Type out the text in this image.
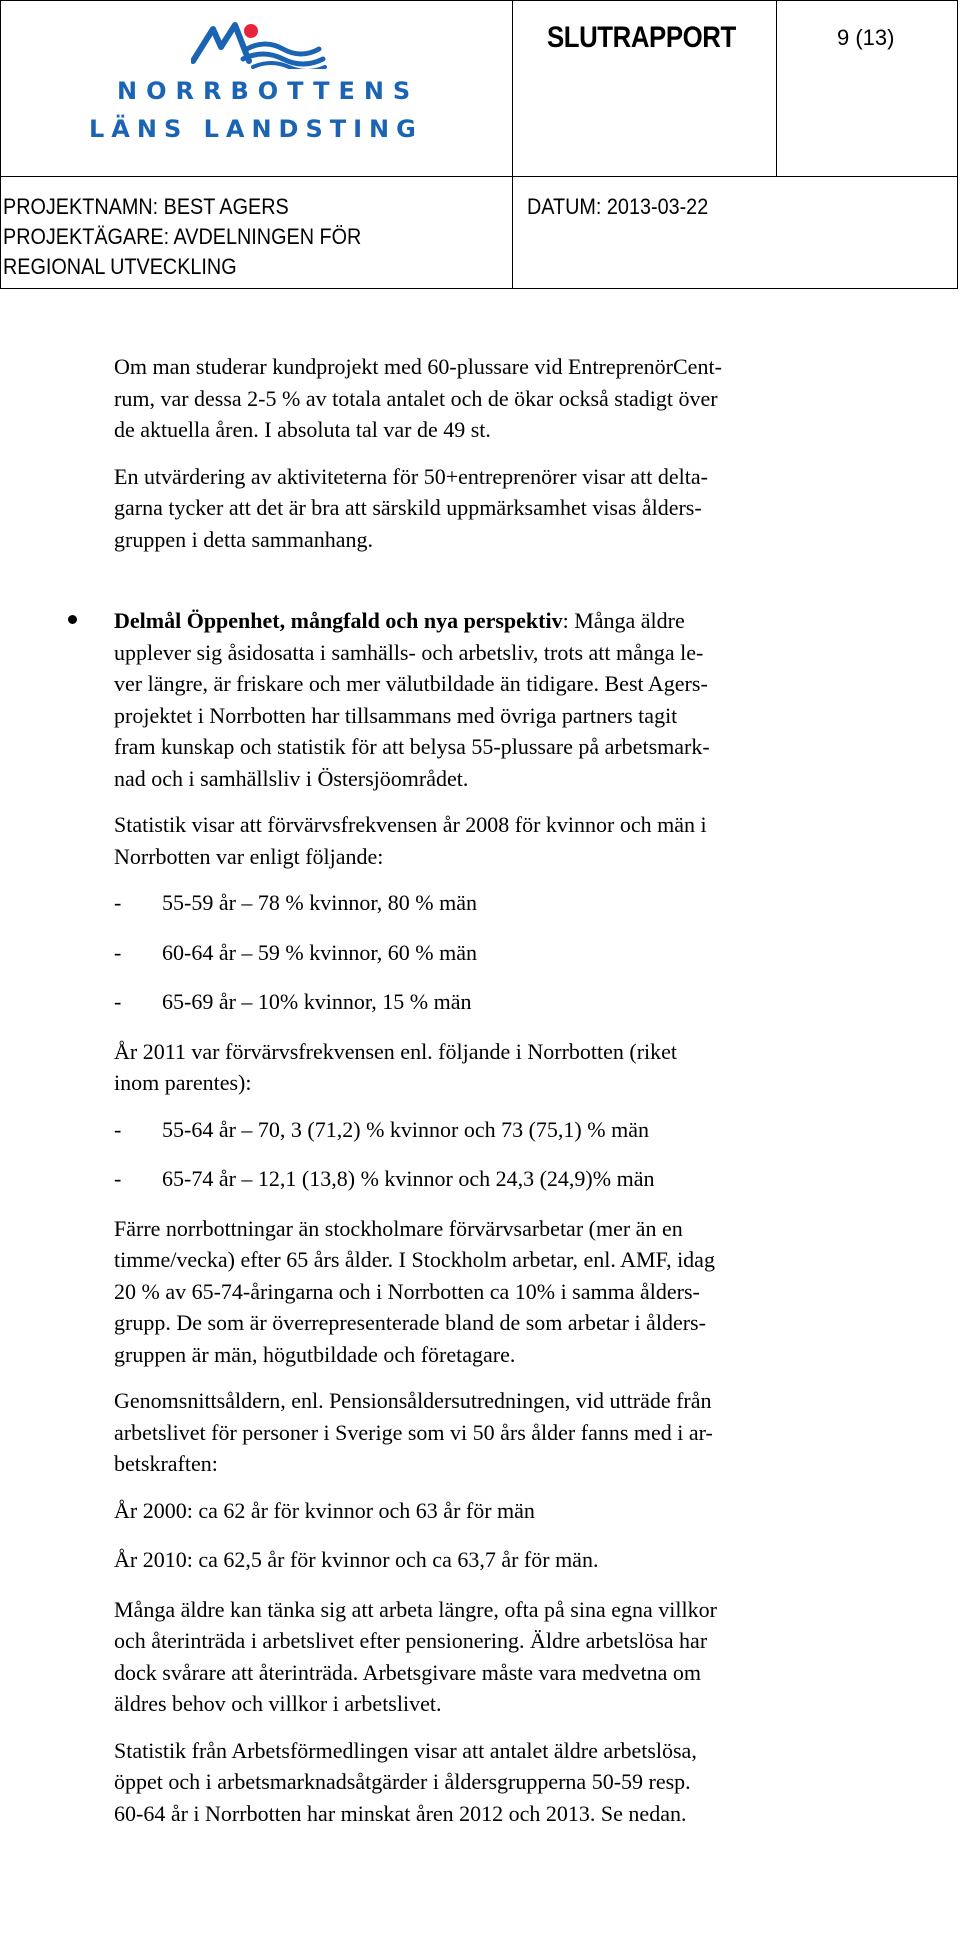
NORRBOTTENS
LÄNS LANDSTING
SLUTRAPPORT	9 (13)
PROJEKTNAMN: BEST AGERS
PROJEKTÄGARE: AVDELNINGEN FÖR
REGIONAL UTVECKLING
DATUM: 2013-03-22

Om man studerar kundprojekt med 60-plussare vid EntreprenörCent-

rum, var dessa 2-5 % av totala antalet och de ökar också stadigt över

de aktuella åren. I absoluta tal var de 49 st.

En utvärdering av aktiviteterna för 50+entreprenörer visar att delta-

garna tycker att det är bra att särskild uppmärksamhet visas ålders-

gruppen i detta sammanhang.

Delmål Öppenhet, mångfald och nya perspektiv: Många äldre

upplever sig åsidosatta i samhälls- och arbetsliv, trots att många le-

ver längre, är friskare och mer välutbildade än tidigare. Best Agers-

projektet i Norrbotten har tillsammans med övriga partners tagit

fram kunskap och statistik för att belysa 55-plussare på arbetsmark-

nad och i samhällsliv i Östersjöområdet.

Statistik visar att förvärvsfrekvensen år 2008 för kvinnor och män i

Norrbotten var enligt följande:

- 55-59 år – 78 % kvinnor, 80 % män

- 60-64 år – 59 % kvinnor, 60 % män

- 65-69 år – 10% kvinnor, 15 % män

År 2011 var förvärvsfrekvensen enl. följande i Norrbotten (riket

inom parentes):

- 55-64 år – 70, 3 (71,2) % kvinnor och 73 (75,1) % män

- 65-74 år – 12,1 (13,8) % kvinnor och 24,3 (24,9)% män

Färre norrbottningar än stockholmare förvärvsarbetar (mer än en

timme/vecka) efter 65 års ålder. I Stockholm arbetar, enl. AMF, idag

20 % av 65-74-åringarna och i Norrbotten ca 10% i samma ålders-

grupp. De som är överrepresenterade bland de som arbetar i ålders-

gruppen är män, högutbildade och företagare.

Genomsnittsåldern, enl. Pensionsåldersutredningen, vid utträde från

arbetslivet för personer i Sverige som vi 50 års ålder fanns med i ar-

betskraften:

År 2000: ca 62 år för kvinnor och 63 år för män

År 2010: ca 62,5 år för kvinnor och ca 63,7 år för män.

Många äldre kan tänka sig att arbeta längre, ofta på sina egna villkor

och återinträda i arbetslivet efter pensionering. Äldre arbetslösa har

dock svårare att återinträda. Arbetsgivare måste vara medvetna om

äldres behov och villkor i arbetslivet.

Statistik från Arbetsförmedlingen visar att antalet äldre arbetslösa,

öppet och i arbetsmarknadsåtgärder i åldersgrupperna 50-59 resp.

60-64 år i Norrbotten har minskat åren 2012 och 2013. Se nedan.
